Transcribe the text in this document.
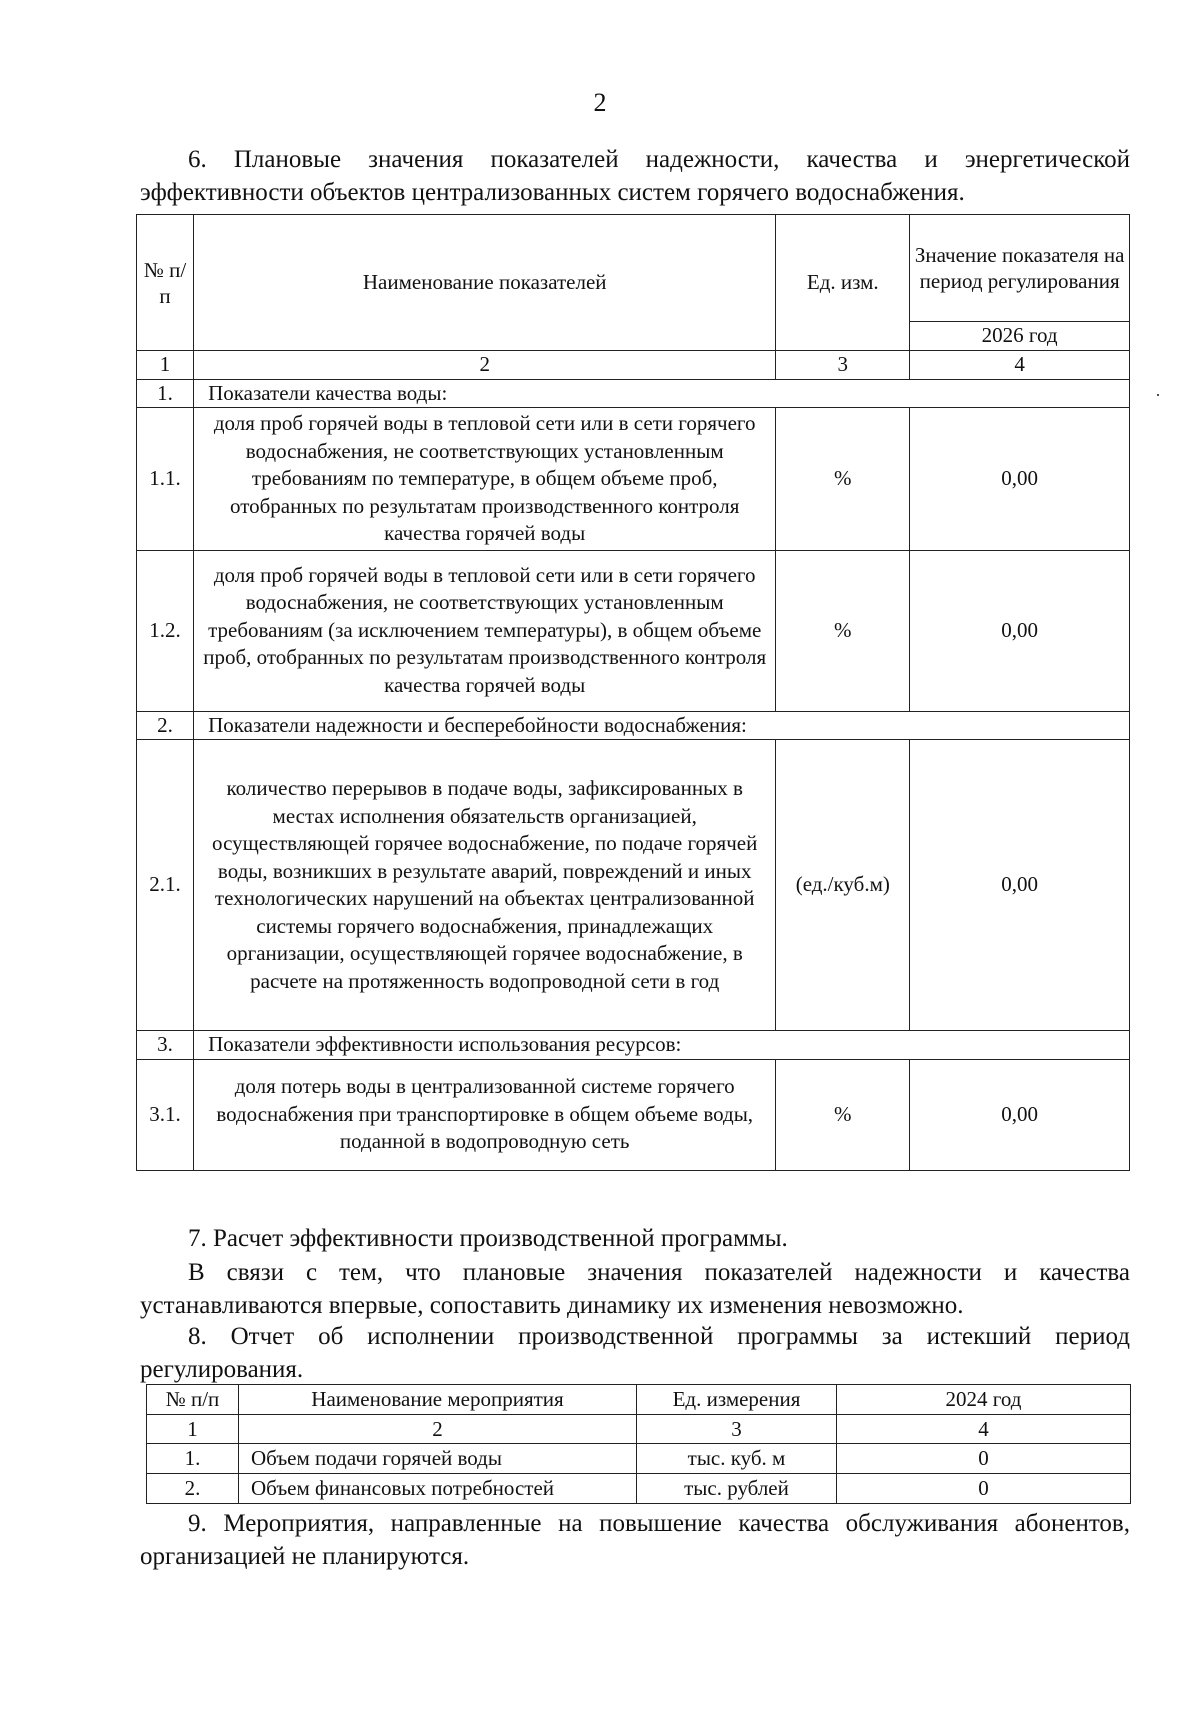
2

6. Плановые значения показателей надежности, качества и энергетической эффективности объектов централизованных систем горячего водоснабжения.

№ п/п	Наименование показателей	Ед. изм.	Значение показателя на период регулирования
			2026 год
1	2	3	4
1.	Показатели качества воды:		
1.1.	доля проб горячей воды в тепловой сети или в сети горячего водоснабжения, не соответствующих установленным требованиям по температуре, в общем объеме проб, отобранных по результатам производственного контроля качества горячей воды	%	0,00
1.2.	доля проб горячей воды в тепловой сети или в сети горячего водоснабжения, не соответствующих установленным требованиям (за исключением температуры), в общем объеме проб, отобранных по результатам производственного контроля качества горячей воды	%	0,00
2.	Показатели надежности и бесперебойности водоснабжения:		
2.1.	количество перерывов в подаче воды, зафиксированных в местах исполнения обязательств организацией, осуществляющей горячее водоснабжение, по подаче горячей воды, возникших в результате аварий, повреждений и иных технологических нарушений на объектах централизованной системы горячего водоснабжения, принадлежащих организации, осуществляющей горячее водоснабжение, в расчете на протяженность водопроводной сети в год	(ед./куб.м)	0,00
3.	Показатели эффективности использования ресурсов:		
3.1.	доля потерь воды в централизованной системе горячего водоснабжения при транспортировке в общем объеме воды, поданной в водопроводную сеть	%	0,00

7. Расчет эффективности производственной программы.

В связи с тем, что плановые значения показателей надежности и качества устанавливаются впервые, сопоставить динамику их изменения невозможно.

8. Отчет об исполнении производственной программы за истекший период регулирования.

№ п/п	Наименование мероприятия	Ед. измерения	2024 год
1	2	3	4
1.	Объем подачи горячей воды	тыс. куб. м	0
2.	Объем финансовых потребностей	тыс. рублей	0

9. Мероприятия, направленные на повышение качества обслуживания абонентов, организацией не планируются.

·
